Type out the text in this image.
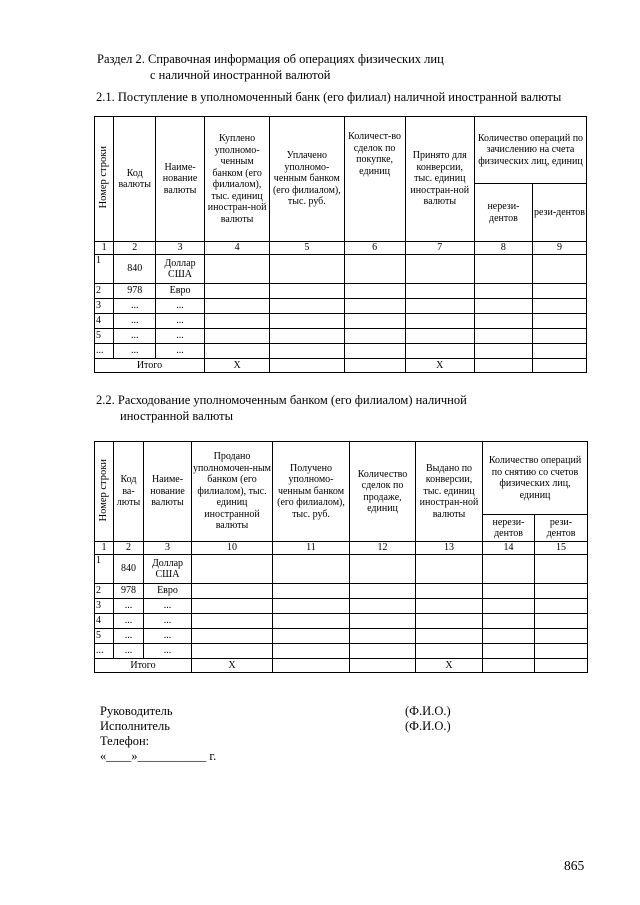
Раздел 2. Справочная информация об операциях физических лиц
с наличной иностранной валютой
2.1. Поступление в уполномоченный банк (его филиал) наличной иностранной валюты
Номер строки	Код валюты	Наиме-нование валюты	Куплено уполномо-ченным банком (его филиалом), тыс. единиц иностран-ной валюты	Уплачено уполномо-ченным банком (его филиалом), тыс. руб.	Количест-во сделок по покупке, единиц	Принято для конверсии, тыс. единиц иностран-ной валюты	Количество операций по зачислению на счета физических лиц, единиц	
							нерези-дентов	рези-дентов
1	2	3	4	5	6	7	8	9
1	840	Доллар США						
2	978	Евро						
3	...	...						
4	...	...						
5	...	...						
...	...	...						
Итого			X			X		
2.2. Расходование уполномоченным банком (его филиалом) наличной
иностранной валюты
Номер строки	Код ва-люты	Наиме-нование валюты	Продано уполномочен-ным банком (его филиалом), тыс. единиц иностранной валюты	Получено уполномо-ченным банком (его филиалом), тыс. руб.	Количество сделок по продаже, единиц	Выдано по конверсии, тыс. единиц иностран-ной валюты	Количество операций по снятию со счетов физических лиц, единиц	
							нерези-дентов	рези-дентов
1	2	3	10	11	12	13	14	15
1	840	Доллар США						
2	978	Евро						
3	...	...						
4	...	...						
5	...	...						
...	...	...						
Итого			X			X		
Руководитель	(Ф.И.О.)
Исполнитель	(Ф.И.О.)
Телефон:
«____»___________ г.
865
